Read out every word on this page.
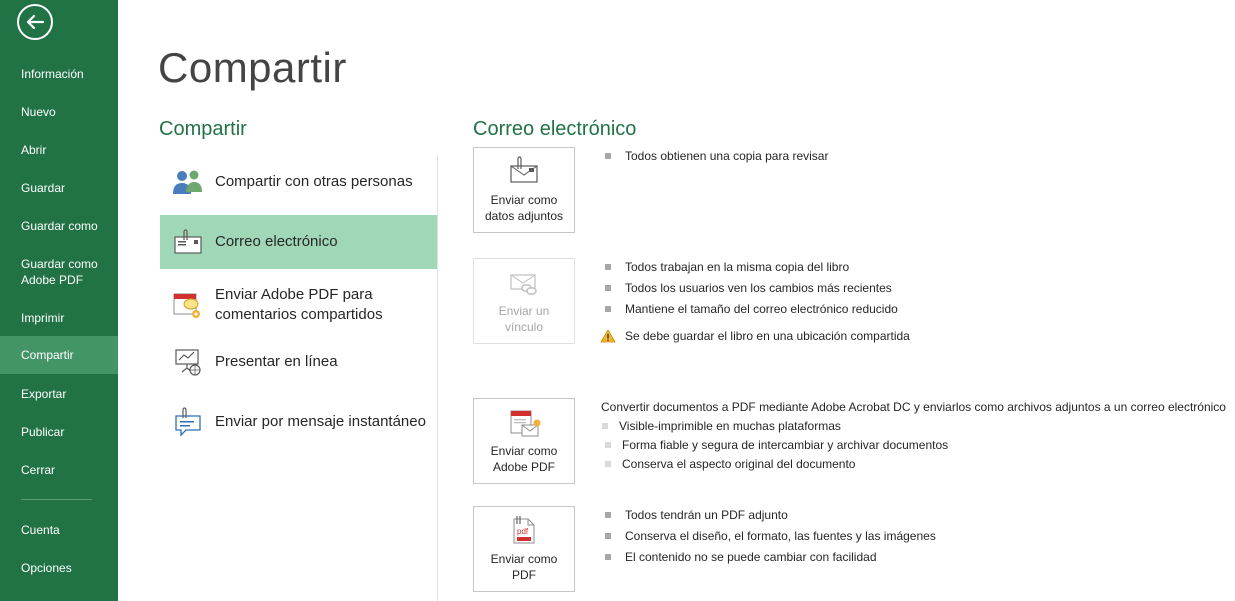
Información
Nuevo
Abrir
Guardar
Guardar como
Guardar como Adobe PDF
Imprimir
Compartir
Exportar
Publicar
Cerrar
Cuenta
Opciones
Compartir
Compartir	Correo electrónico
Compartir con otras personas
Correo electrónico
Enviar Adobe PDF para comentarios compartidos
Presentar en línea
Enviar por mensaje instantáneo
Enviar como datos adjuntos
Todos obtienen una copia para revisar
Enviar un vínculo
Todos trabajan en la misma copia del libro
Todos los usuarios ven los cambios más recientes
Mantiene el tamaño del correo electrónico reducido
Se debe guardar el libro en una ubicación compartida
Enviar como Adobe PDF
Convertir documentos a PDF mediante Adobe Acrobat DC y enviarlos como archivos adjuntos a un correo electrónico
Visible-imprimible en muchas plataformas
Forma fiable y segura de intercambiar y archivar documentos
Conserva el aspecto original del documento
pdf
Enviar como PDF
Todos tendrán un PDF adjunto
Conserva el diseño, el formato, las fuentes y las imágenes
El contenido no se puede cambiar con facilidad
